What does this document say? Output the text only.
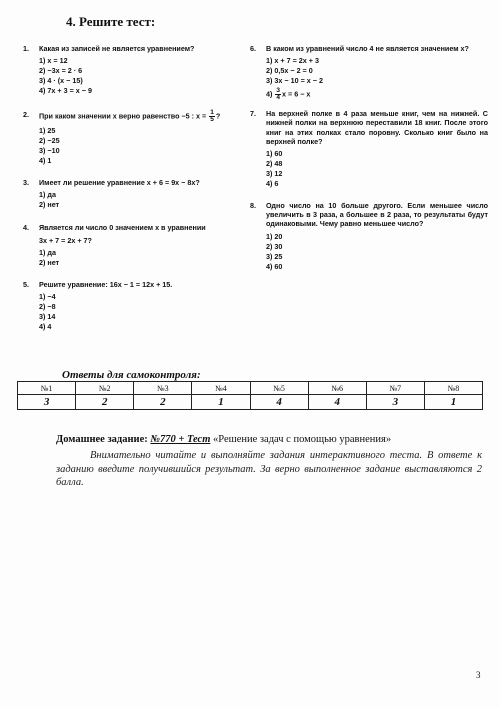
4. Решите тест:
1. Какая из записей не является уравнением?
1) x = 12
2) −3x = 2 · 6
3) 4 · (x − 15)
4) 7x + 3 = x − 9
2. При каком значении x верно равенство −5 : $x = \frac{1}{5}$ ?
1) 25
2) −25
3) −10
4) 1
3. Имеет ли решение уравнение x + 6 = 9x − 8x?
1) да
2) нет
4. Является ли число 0 значением x в уравнении
3x + 7 = 2x + 7?
1) да
2) нет
5. Решите уравнение: 16x − 1 = 12x + 15.
1) −4
2) −8
3) 14
4) 4
6. В каком из уравнений число 4 не является значением x?
1) x + 7 = 2x + 3
2) 0,5x − 2 = 0
3) 3x − 10 = x − 2
$4) \frac{3}{4}$ x = 6 − x
7. На верхней полке в 4 раза меньше книг, чем на нижней. С нижней полки на верхнюю переставили 18 книг. После этого книг на этих полках стало поровну. Сколько книг было на верхней полке?
1) 60
2) 48
3) 12
4) 6
8. Одно число на 10 больше другого. Если меньшее число увеличить в 3 раза, а большее в 2 раза, то результаты будут одинаковыми. Чему равно меньшее число?
1) 20
2) 30
3) 25
4) 60
Ответы для самоконтроля:
№1	№2	№3	№4	№5	№6	№7	№8
3	2	2	1	4	4	3	1
Домашнее задание: №770 + Тест «Решение задач с помощью уравнения»
Внимательно читайте и выполняйте задания интерактивного теста. В ответе к заданию введите получившийся результат. За верно выполненное задание выставляются 2 балла.
3
